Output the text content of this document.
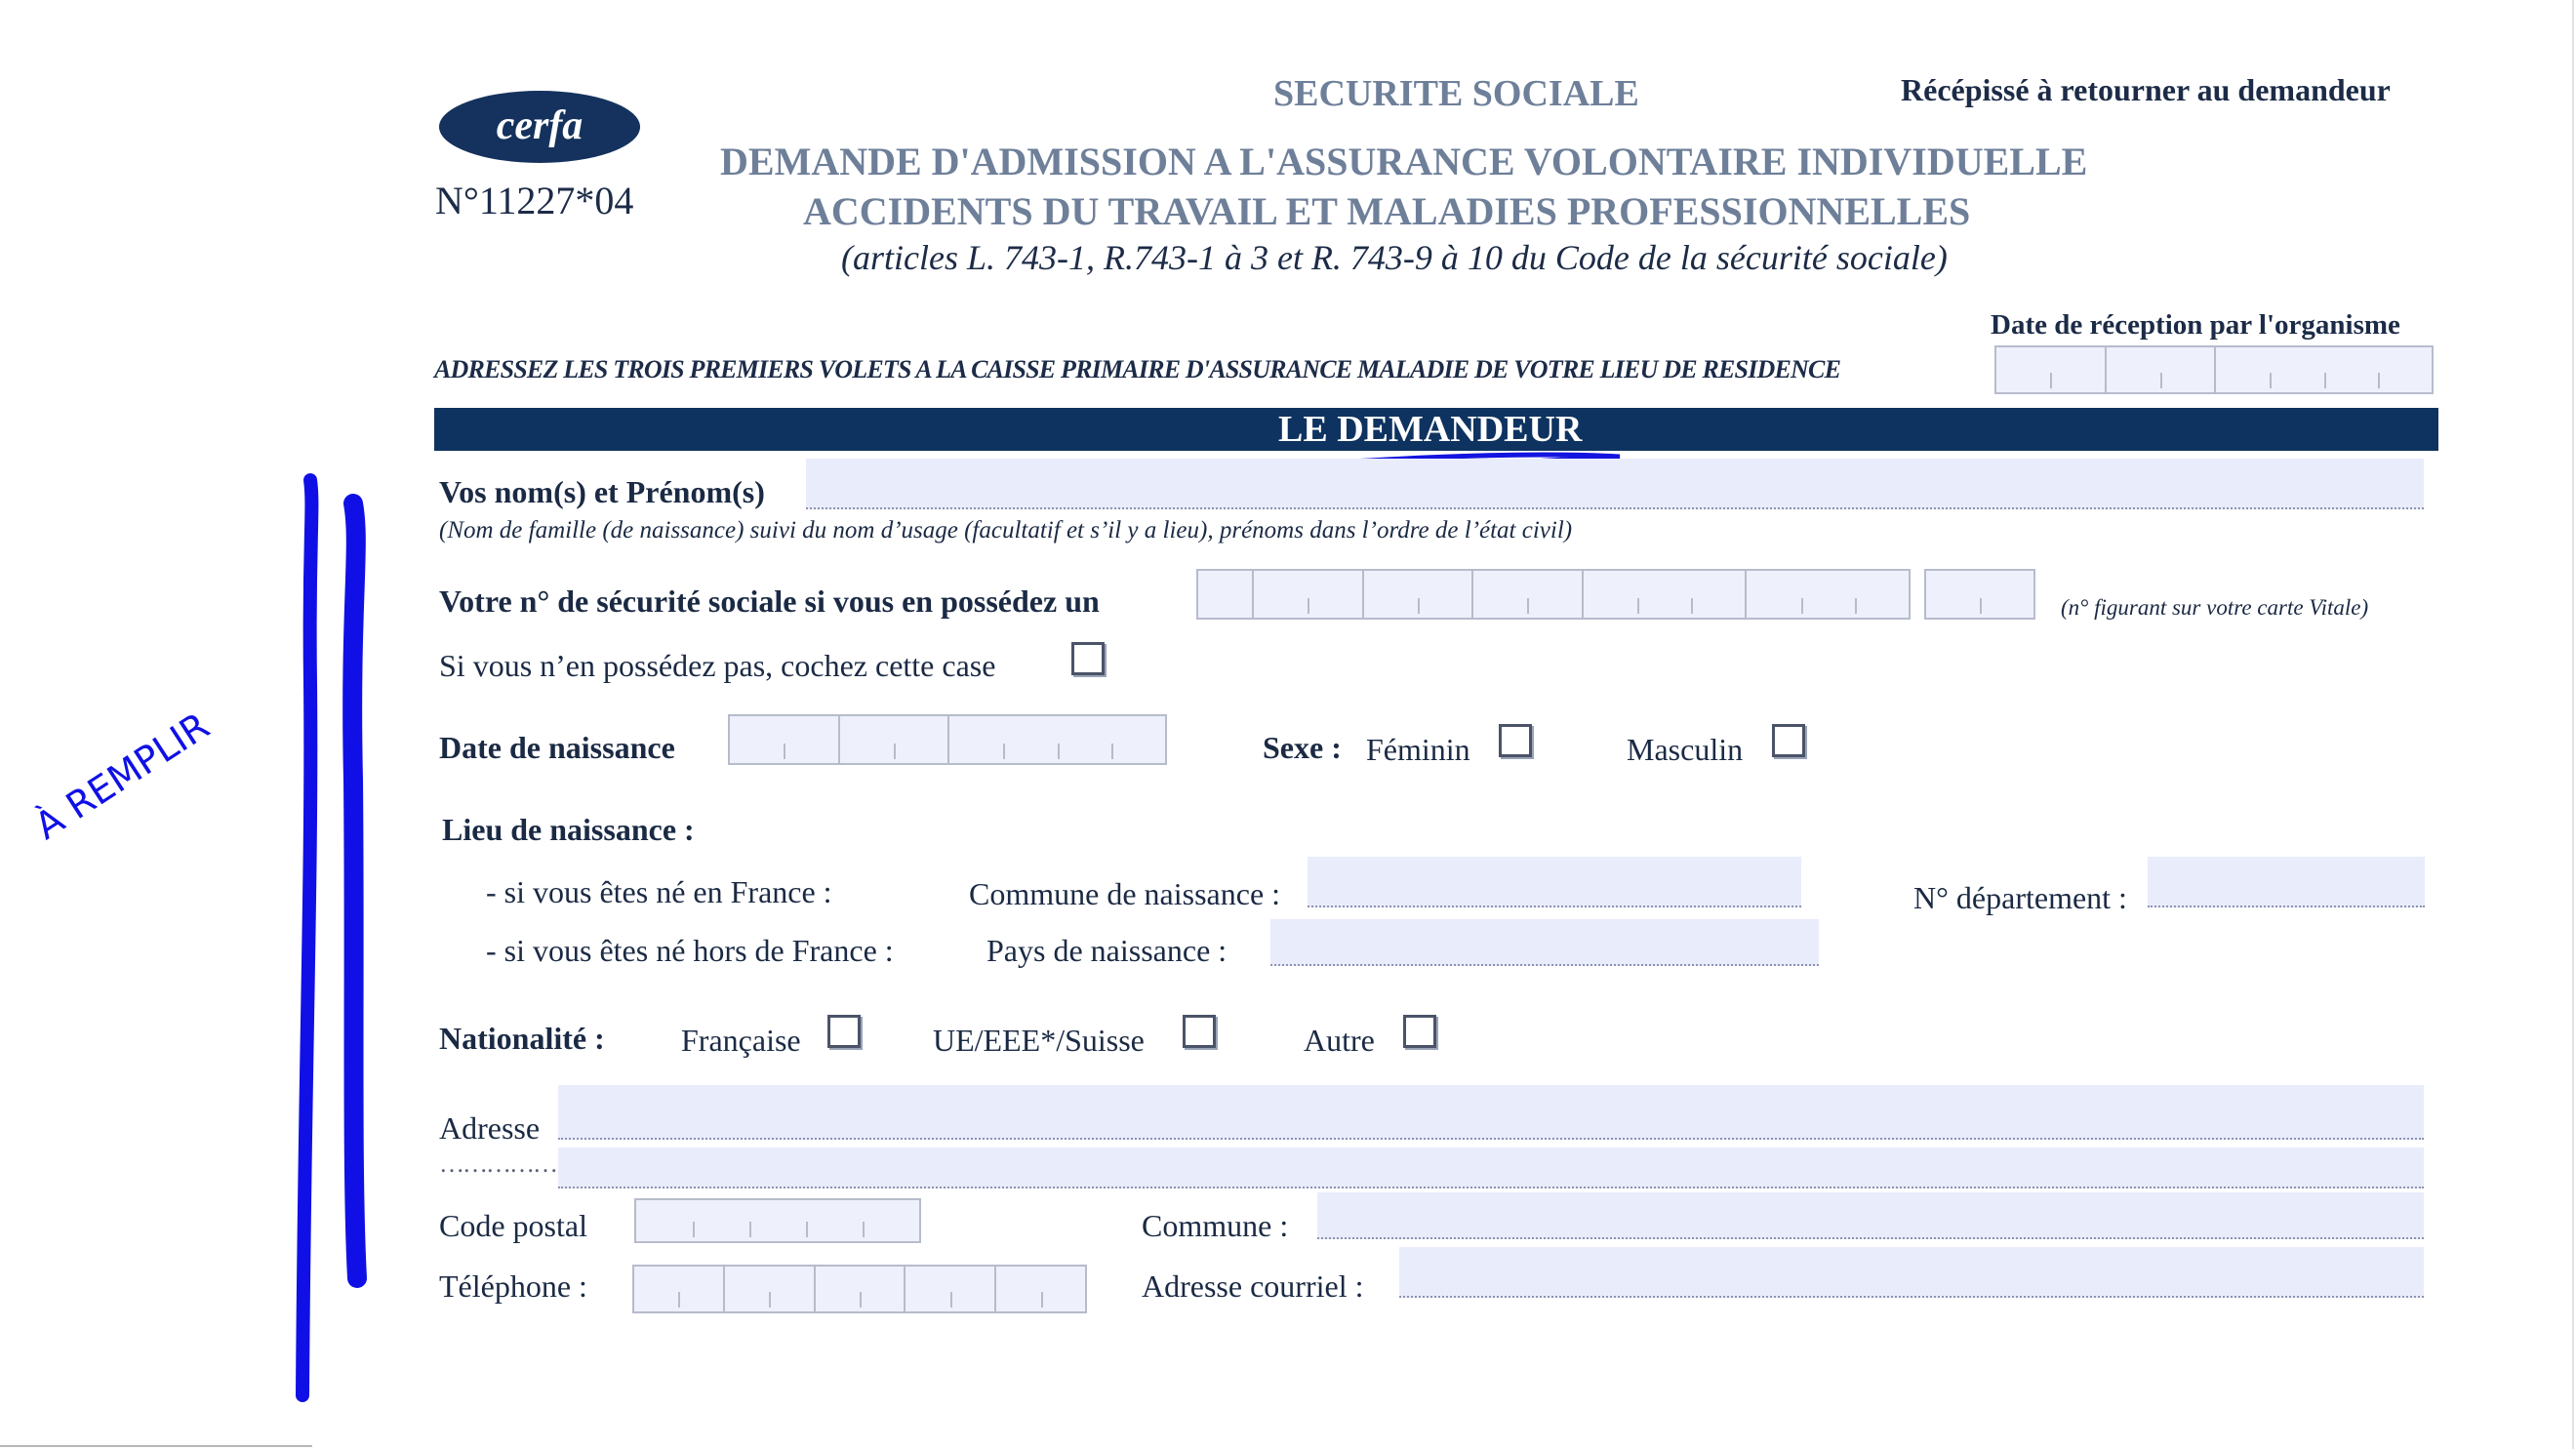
cerfa
N°11227*04
SECURITE SOCIALE	Récépissé à retourner au demandeur
DEMANDE D'ADMISSION A L'ASSURANCE VOLONTAIRE INDIVIDUELLE
ACCIDENTS DU TRAVAIL ET MALADIES PROFESSIONNELLES
(articles L. 743-1, R.743-1 à 3 et R. 743-9 à 10 du Code de la sécurité sociale)
Date de réception par l'organisme
ADRESSEZ LES TROIS PREMIERS VOLETS A LA CAISSE PRIMAIRE D'ASSURANCE MALADIE DE VOTRE LIEU DE RESIDENCE
LE DEMANDEUR
À REMPLIR
Vos nom(s) et Prénom(s)
(Nom de famille (de naissance) suivi du nom d’usage (facultatif et s’il y a lieu), prénoms dans l’ordre de l’état civil)
Votre n° de sécurité sociale si vous en possédez un	(n° figurant sur votre carte Vitale)
Si vous n’en possédez pas, cochez cette case
Date de naissance	Sexe : Féminin	Masculin
Lieu de naissance :
- si vous êtes né en France :	Commune de naissance :	N° département :
- si vous êtes né hors de France :	Pays de naissance :
Nationalité : Française	UE/EEE*/Suisse	Autre
Adresse
……………
Code postal	Commune :
Téléphone :	Adresse courriel :
